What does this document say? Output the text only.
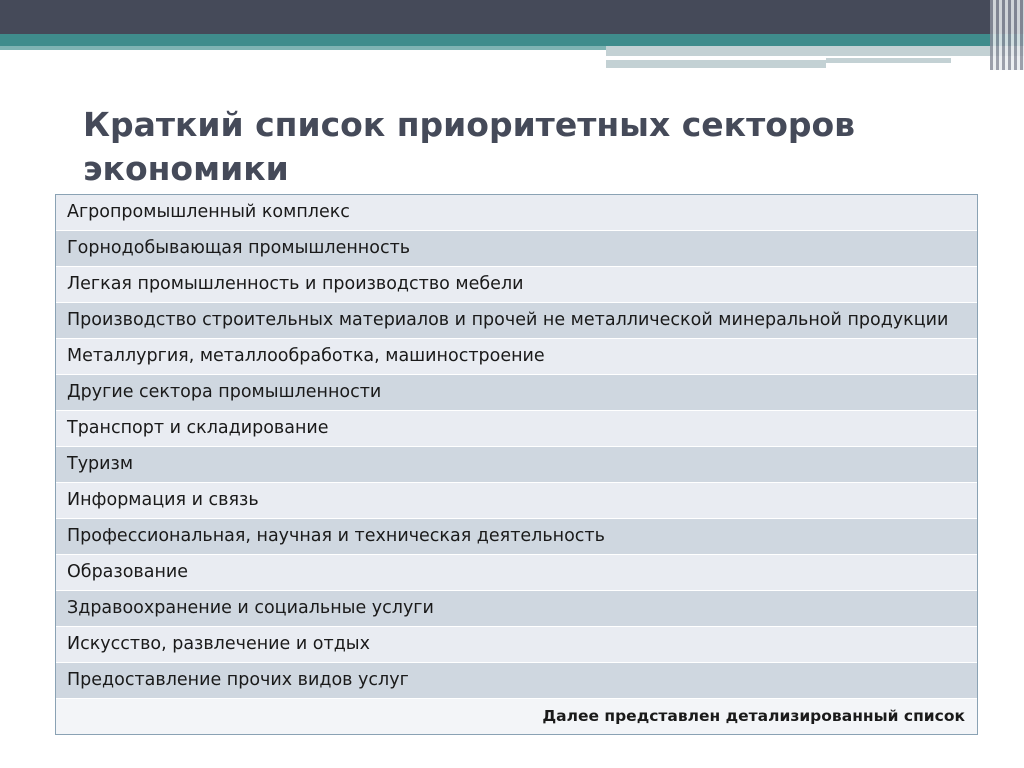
Краткий список приоритетных секторов экономики
Агропромышленный комплекс
Горнодобывающая промышленность
Легкая промышленность и производство мебели
Производство строительных материалов и прочей не металлической минеральной продукции
Металлургия, металлообработка, машиностроение
Другие сектора промышленности
Транспорт и складирование
Туризм
Информация и связь
Профессиональная, научная и техническая деятельность
Образование
Здравоохранение и социальные услуги
Искусство, развлечение и отдых
Предоставление прочих видов услуг
Далее представлен детализированный список
